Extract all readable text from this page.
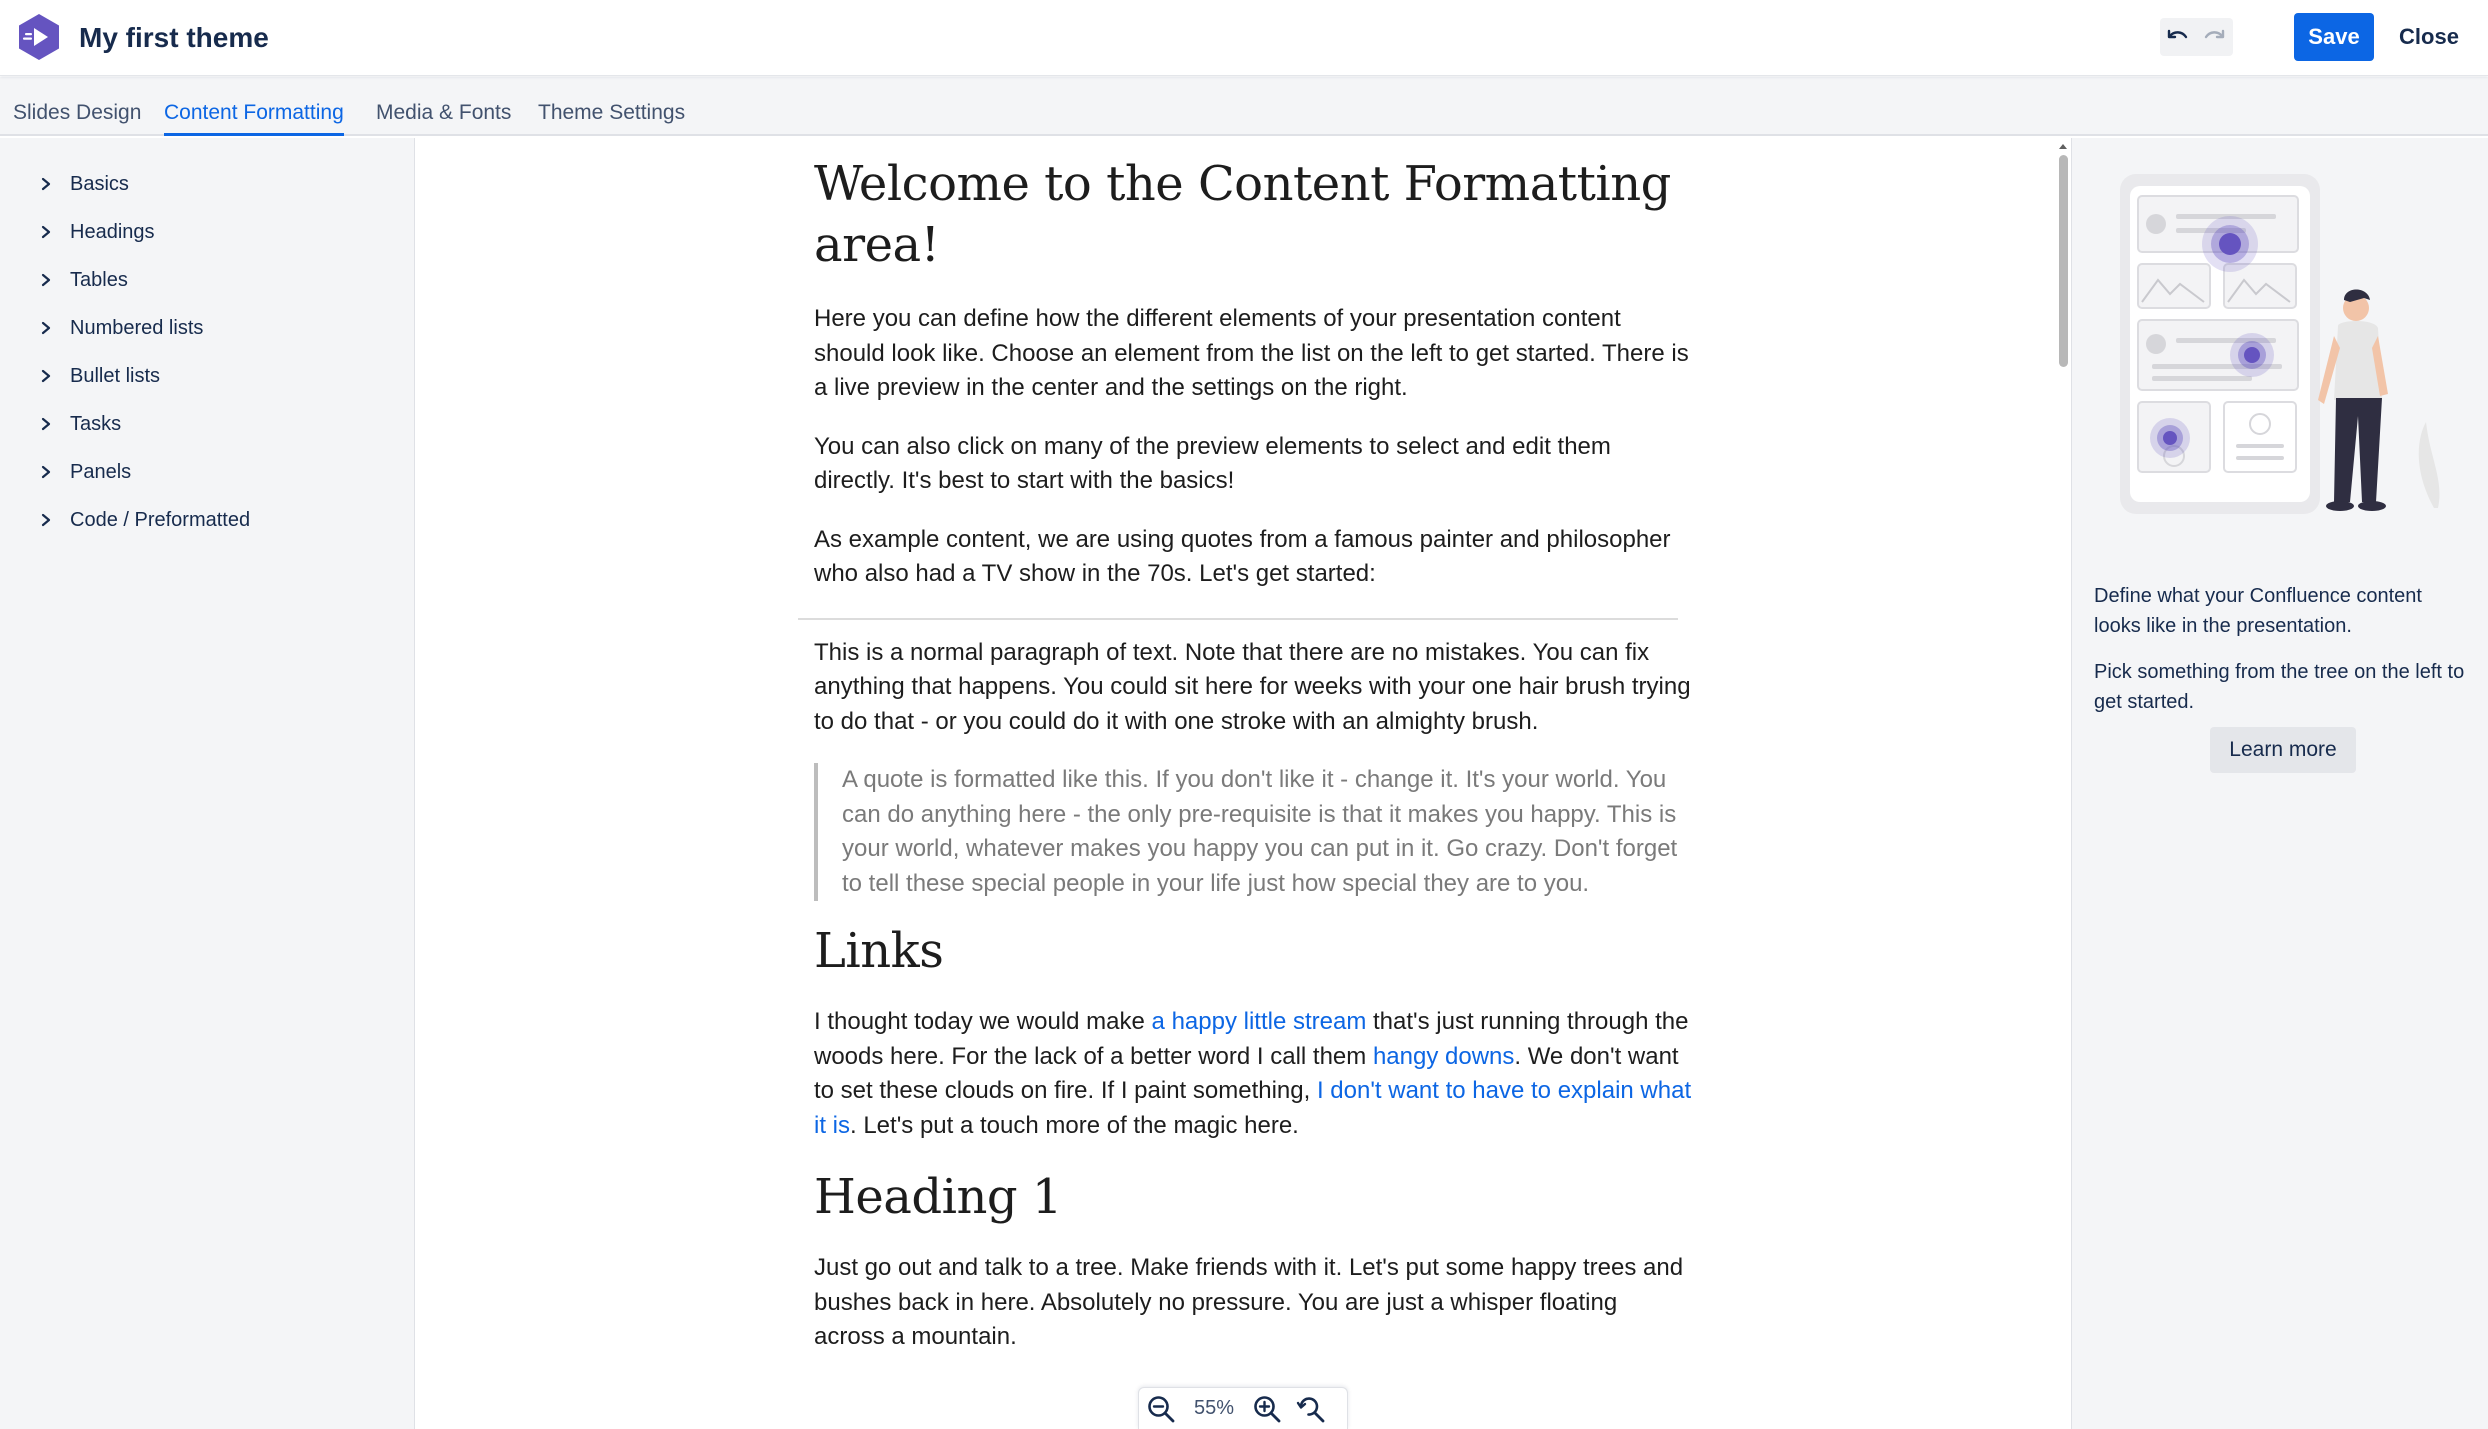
My first theme	Save	Close
Slides Design Content Formatting Media & Fonts Theme Settings
Basics
Headings
Tables
Numbered lists
Bullet lists
Tasks
Panels
Code / Preformatted
Welcome to the Content Formatting area!

Here you can define how the different elements of your presentation content should look like. Choose an element from the list on the left to get started. There is a live preview in the center and the settings on the right.

You can also click on many of the preview elements to select and edit them directly. It's best to start with the basics!

As example content, we are using quotes from a famous painter and philosopher who also had a TV show in the 70s. Let's get started:

This is a normal paragraph of text. Note that there are no mistakes. You can fix anything that happens. You could sit here for weeks with your one hair brush trying to do that - or you could do it with one stroke with an almighty brush.

A quote is formatted like this. If you don't like it - change it. It's your world. You can do anything here - the only pre-requisite is that it makes you happy. This is your world, whatever makes you happy you can put in it. Go crazy. Don't forget to tell these special people in your life just how special they are to you.
Links

I thought today we would make a happy little stream that's just running through the woods here. For the lack of a better word I call them hangy downs. We don't want to set these clouds on fire. If I paint something, I don't want to have to explain what it is. Let's put a touch more of the magic here.

Heading 1

Just go out and talk to a tree. Make friends with it. Let's put some happy trees and bushes back in here. Absolutely no pressure. You are just a whisper floating across a mountain.

55%

Define what your Confluence content looks like in the presentation.

Pick something from the tree on the left to get started.

Learn more
